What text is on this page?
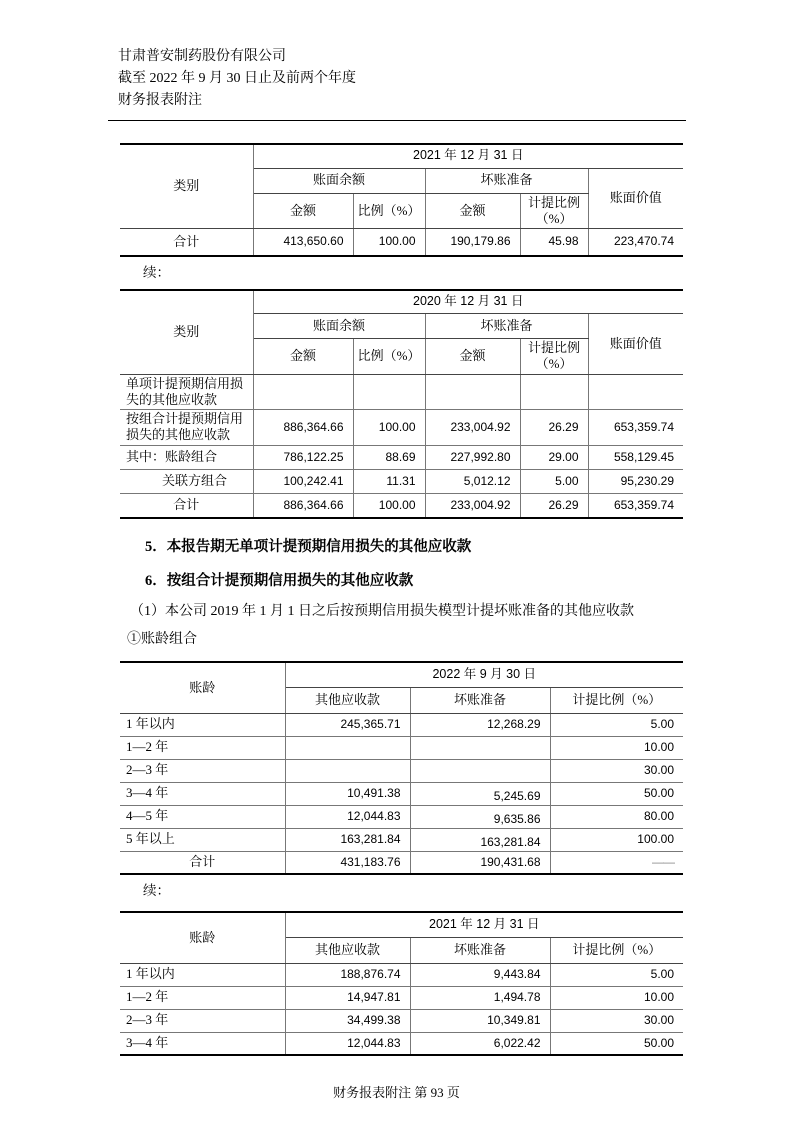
甘肃普安制药股份有限公司
截至 2022 年 9 月 30 日止及前两个年度
财务报表附注
类别	2021 年 12 月 31 日				
	账面余额		坏账准备		账面价值
	金额	比例（%）	金额	计提比例（%）	
合计	413,650.60	100.00	190,179.86	45.98	223,470.74

续：

类别	2020 年 12 月 31 日				
	账面余额		坏账准备		账面价值
	金额	比例（%）	金额	计提比例（%）	
单项计提预期信用损失的其他应收款					
按组合计提预期信用损失的其他应收款	886,364.66	100.00	233,004.92	26.29	653,359.74
其中：账龄组合	786,122.25	88.69	227,992.80	29.00	558,129.45
关联方组合	100,242.41	11.31	5,012.12	5.00	95,230.29
合计	886,364.66	100.00	233,004.92	26.29	653,359.74

5．本报告期无单项计提预期信用损失的其他应收款

6．按组合计提预期信用损失的其他应收款

（1）本公司 2019 年 1 月 1 日之后按预期信用损失模型计提坏账准备的其他应收款

①账龄组合

账龄	2022 年 9 月 30 日		
	其他应收款	坏账准备	计提比例（%）
1 年以内	245,365.71	12,268.29	5.00
1—2 年			10.00
2—3 年			30.00
3—4 年	10,491.38	5,245.69	50.00
4—5 年	12,044.83	9,635.86	80.00
5 年以上	163,281.84	163,281.84	100.00
合计	431,183.76	190,431.68	——

续：

账龄	2021 年 12 月 31 日		
	其他应收款	坏账准备	计提比例（%）
1 年以内	188,876.74	9,443.84	5.00
1—2 年	14,947.81	1,494.78	10.00
2—3 年	34,499.38	10,349.81	30.00
3—4 年	12,044.83	6,022.42	50.00
财务报表附注 第 93 页
